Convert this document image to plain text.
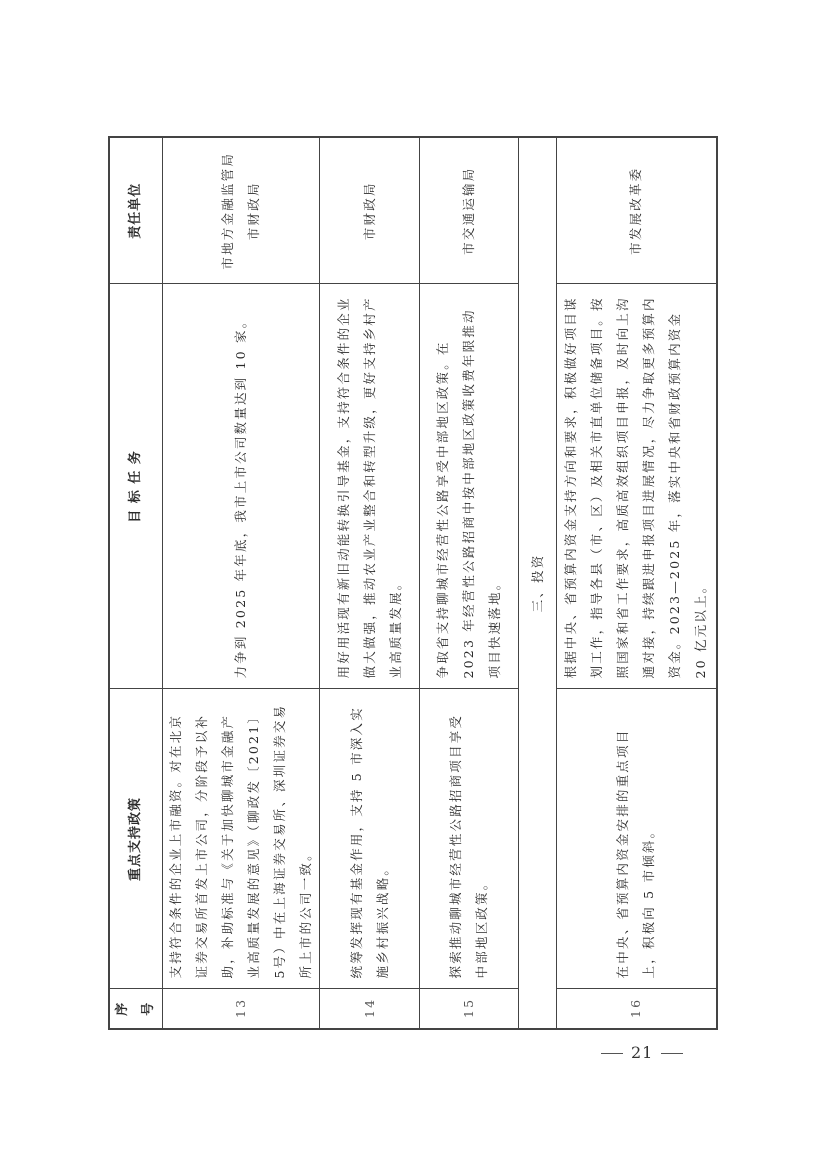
序号	重点支持政策	目 标 任 务	责任单位
13	支持符合条件的企业上市融资。对在北京证券交易所首发上市公司，分阶段予以补助，补助标准与《关于加快聊城市金融产业高质量发展的意见》（聊政发〔2021〕5号）中在上海证券交易所、深圳证券交易所上市的公司一致。	力争到 2025 年年底，我市上市公司数量达到 10 家。	市地方金融监管局 市财政局

14	统筹发挥现有基金作用，支持 5 市深入实施乡村振兴战略。	用好用活现有新旧动能转换引导基金，支持符合条件的企业做大做强，推动农业产业整合和转型升级，更好支持乡村产业高质量发展。	市财政局

15	探索推动聊城市经营性公路招商项目享受中部地区政策。	争取省支持聊城市经营性公路享受中部地区政策。在 2023 年经营性公路招商中按中部地区政策收费年限推动项目快速落地。	市交通运输局

三、投资			
16	在中央、省预算内资金安排的重点项目上，积极向 5 市倾斜。	根据中央、省预算内资金支持方向和要求，积极做好项目谋划工作，指导各县（市、区）及相关市直单位储备项目。按照国家和省工作要求，高质高效组织项目申报，及时向上沟通对接，持续跟进申报项目进展情况，尽力争取更多预算内资金。2023—2025 年，落实中央和省财政预算内资金 20 亿元以上。	市发展改革委
21
